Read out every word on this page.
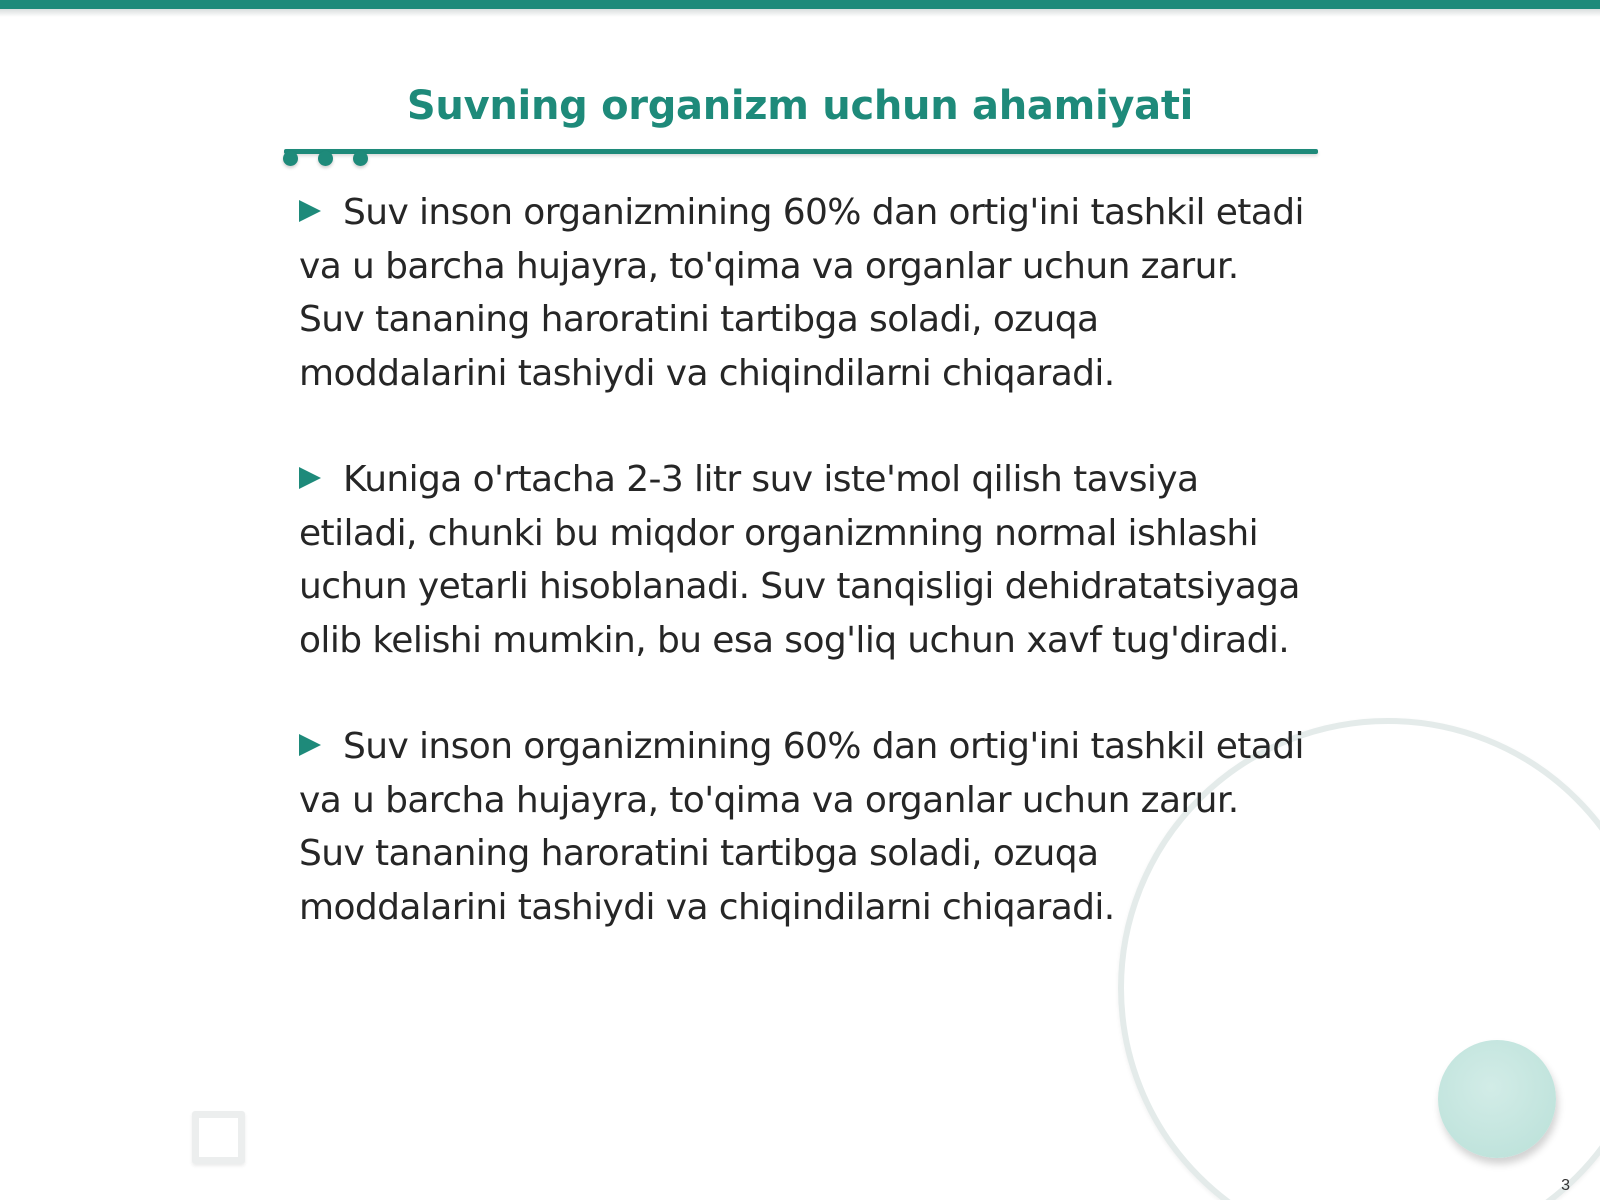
Suvning organizm uchun ahamiyati
Suv inson organizmining 60% dan ortig'ini tashkil etadi va u barcha hujayra, to'qima va organlar uchun zarur. Suv tananing haroratini tartibga soladi, ozuqa moddalarini tashiydi va chiqindilarni chiqaradi.
Kuniga o'rtacha 2-3 litr suv iste'mol qilish tavsiya etiladi, chunki bu miqdor organizmning normal ishlashi uchun yetarli hisoblanadi. Suv tanqisligi dehidratatsiyaga olib kelishi mumkin, bu esa sog'liq uchun xavf tug'diradi.
Suv inson organizmining 60% dan ortig'ini tashkil etadi va u barcha hujayra, to'qima va organlar uchun zarur. Suv tananing haroratini tartibga soladi, ozuqa moddalarini tashiydi va chiqindilarni chiqaradi.
3
